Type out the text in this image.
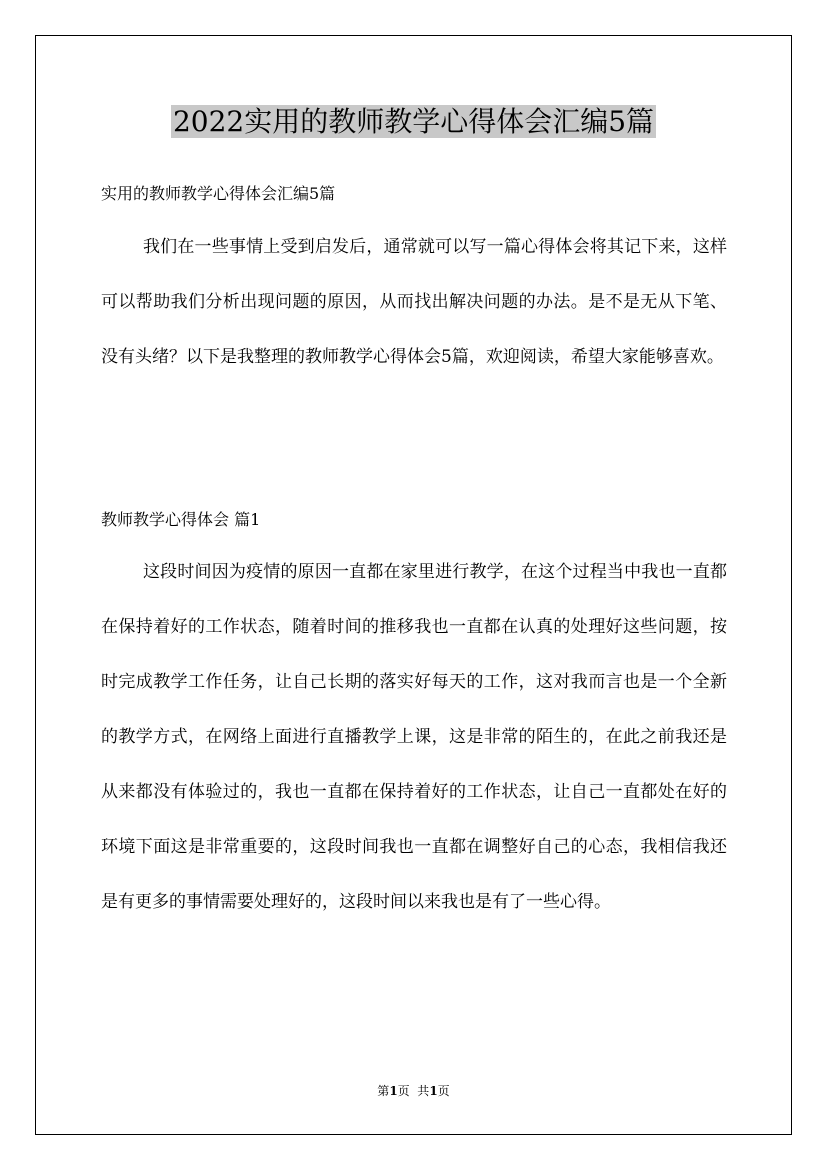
2022实用的教师教学心得体会汇编5篇

实用的教师教学心得体会汇编5篇

我们在一些事情上受到启发后，通常就可以写一篇心得体会将其记下来，这样可以帮助我们分析出现问题的原因，从而找出解决问题的办法。是不是无从下笔、没有头绪？以下是我整理的教师教学心得体会5篇，欢迎阅读，希望大家能够喜欢。

教师教学心得体会 篇1

这段时间因为疫情的原因一直都在家里进行教学，在这个过程当中我也一直都在保持着好的工作状态，随着时间的推移我也一直都在认真的处理好这些问题，按时完成教学工作任务，让自己长期的落实好每天的工作，这对我而言也是一个全新的教学方式，在网络上面进行直播教学上课，这是非常的陌生的，在此之前我还是从来都没有体验过的，我也一直都在保持着好的工作状态，让自己一直都处在好的环境下面这是非常重要的，这段时间我也一直都在调整好自己的心态，我相信我还是有更多的事情需要处理好的，这段时间以来我也是有了一些心得。

第1页  共1页
